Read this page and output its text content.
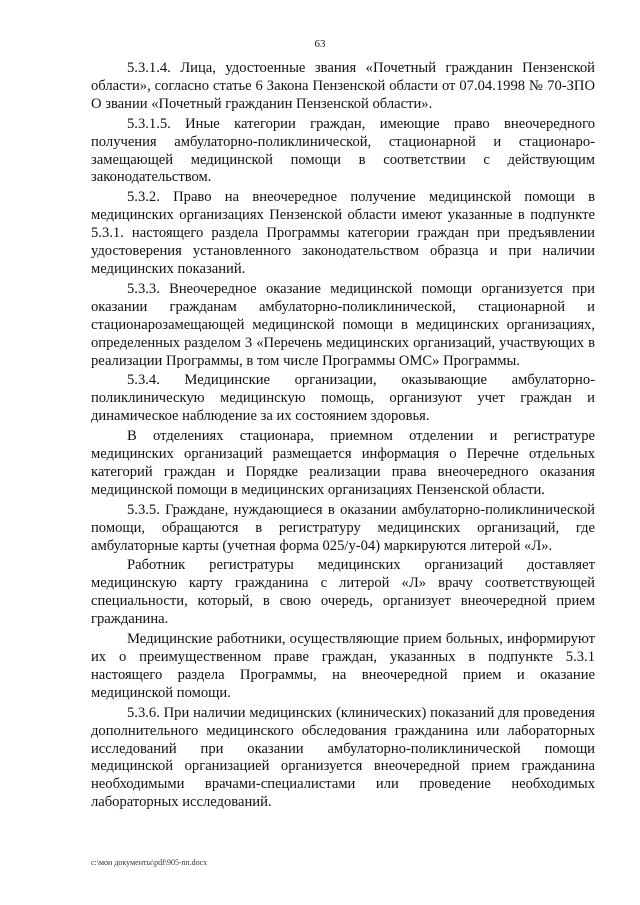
63

5.3.1.4. Лица, удостоенные звания «Почетный гражданин Пензенской области», согласно статье 6 Закона Пензенской области от 07.04.1998 № 70-ЗПО О звании «Почетный гражданин Пензенской области».

5.3.1.5. Иные категории граждан, имеющие право внеочередного получения амбулаторно-поликлинической, стационарной и стационаро-замещающей медицинской помощи в соответствии с действующим законодательством.

5.3.2. Право на внеочередное получение медицинской помощи в медицинских организациях Пензенской области имеют указанные в подпункте 5.3.1. настоящего раздела Программы категории граждан при предъявлении удостоверения установленного законодательством образца и при наличии медицинских показаний.

5.3.3. Внеочередное оказание медицинской помощи организуется при оказании гражданам амбулаторно-поликлинической, стационарной и стационарозамещающей медицинской помощи в медицинских организациях, определенных разделом 3 «Перечень медицинских организаций, участвующих в реализации Программы, в том числе Программы ОМС» Программы.

5.3.4. Медицинские организации, оказывающие амбулаторно-поликлиническую медицинскую помощь, организуют учет граждан и динамическое наблюдение за их состоянием здоровья.

В отделениях стационара, приемном отделении и регистратуре медицинских организаций размещается информация о Перечне отдельных категорий граждан и Порядке реализации права внеочередного оказания медицинской помощи в медицинских организациях Пензенской области.

5.3.5. Граждане, нуждающиеся в оказании амбулаторно-поликлинической помощи, обращаются в регистратуру медицинских организаций, где амбулаторные карты (учетная форма 025/у-04) маркируются литерой «Л».

Работник регистратуры медицинских организаций доставляет медицинскую карту гражданина с литерой «Л» врачу соответствующей специальности, который, в свою очередь, организует внеочередной прием гражданина.

Медицинские работники, осуществляющие прием больных, информируют их о преимущественном праве граждан, указанных в подпункте 5.3.1 настоящего раздела Программы, на внеочередной прием и оказание медицинской помощи.

5.3.6. При наличии медицинских (клинических) показаний для проведения дополнительного медицинского обследования гражданина или лабораторных исследований при оказании амбулаторно-поликлинической помощи медицинской организацией организуется внеочередной прием гражданина необходимыми врачами-специалистами или проведение необходимых лабораторных исследований.

c:\мои документы\pdf\905-nn.docx
